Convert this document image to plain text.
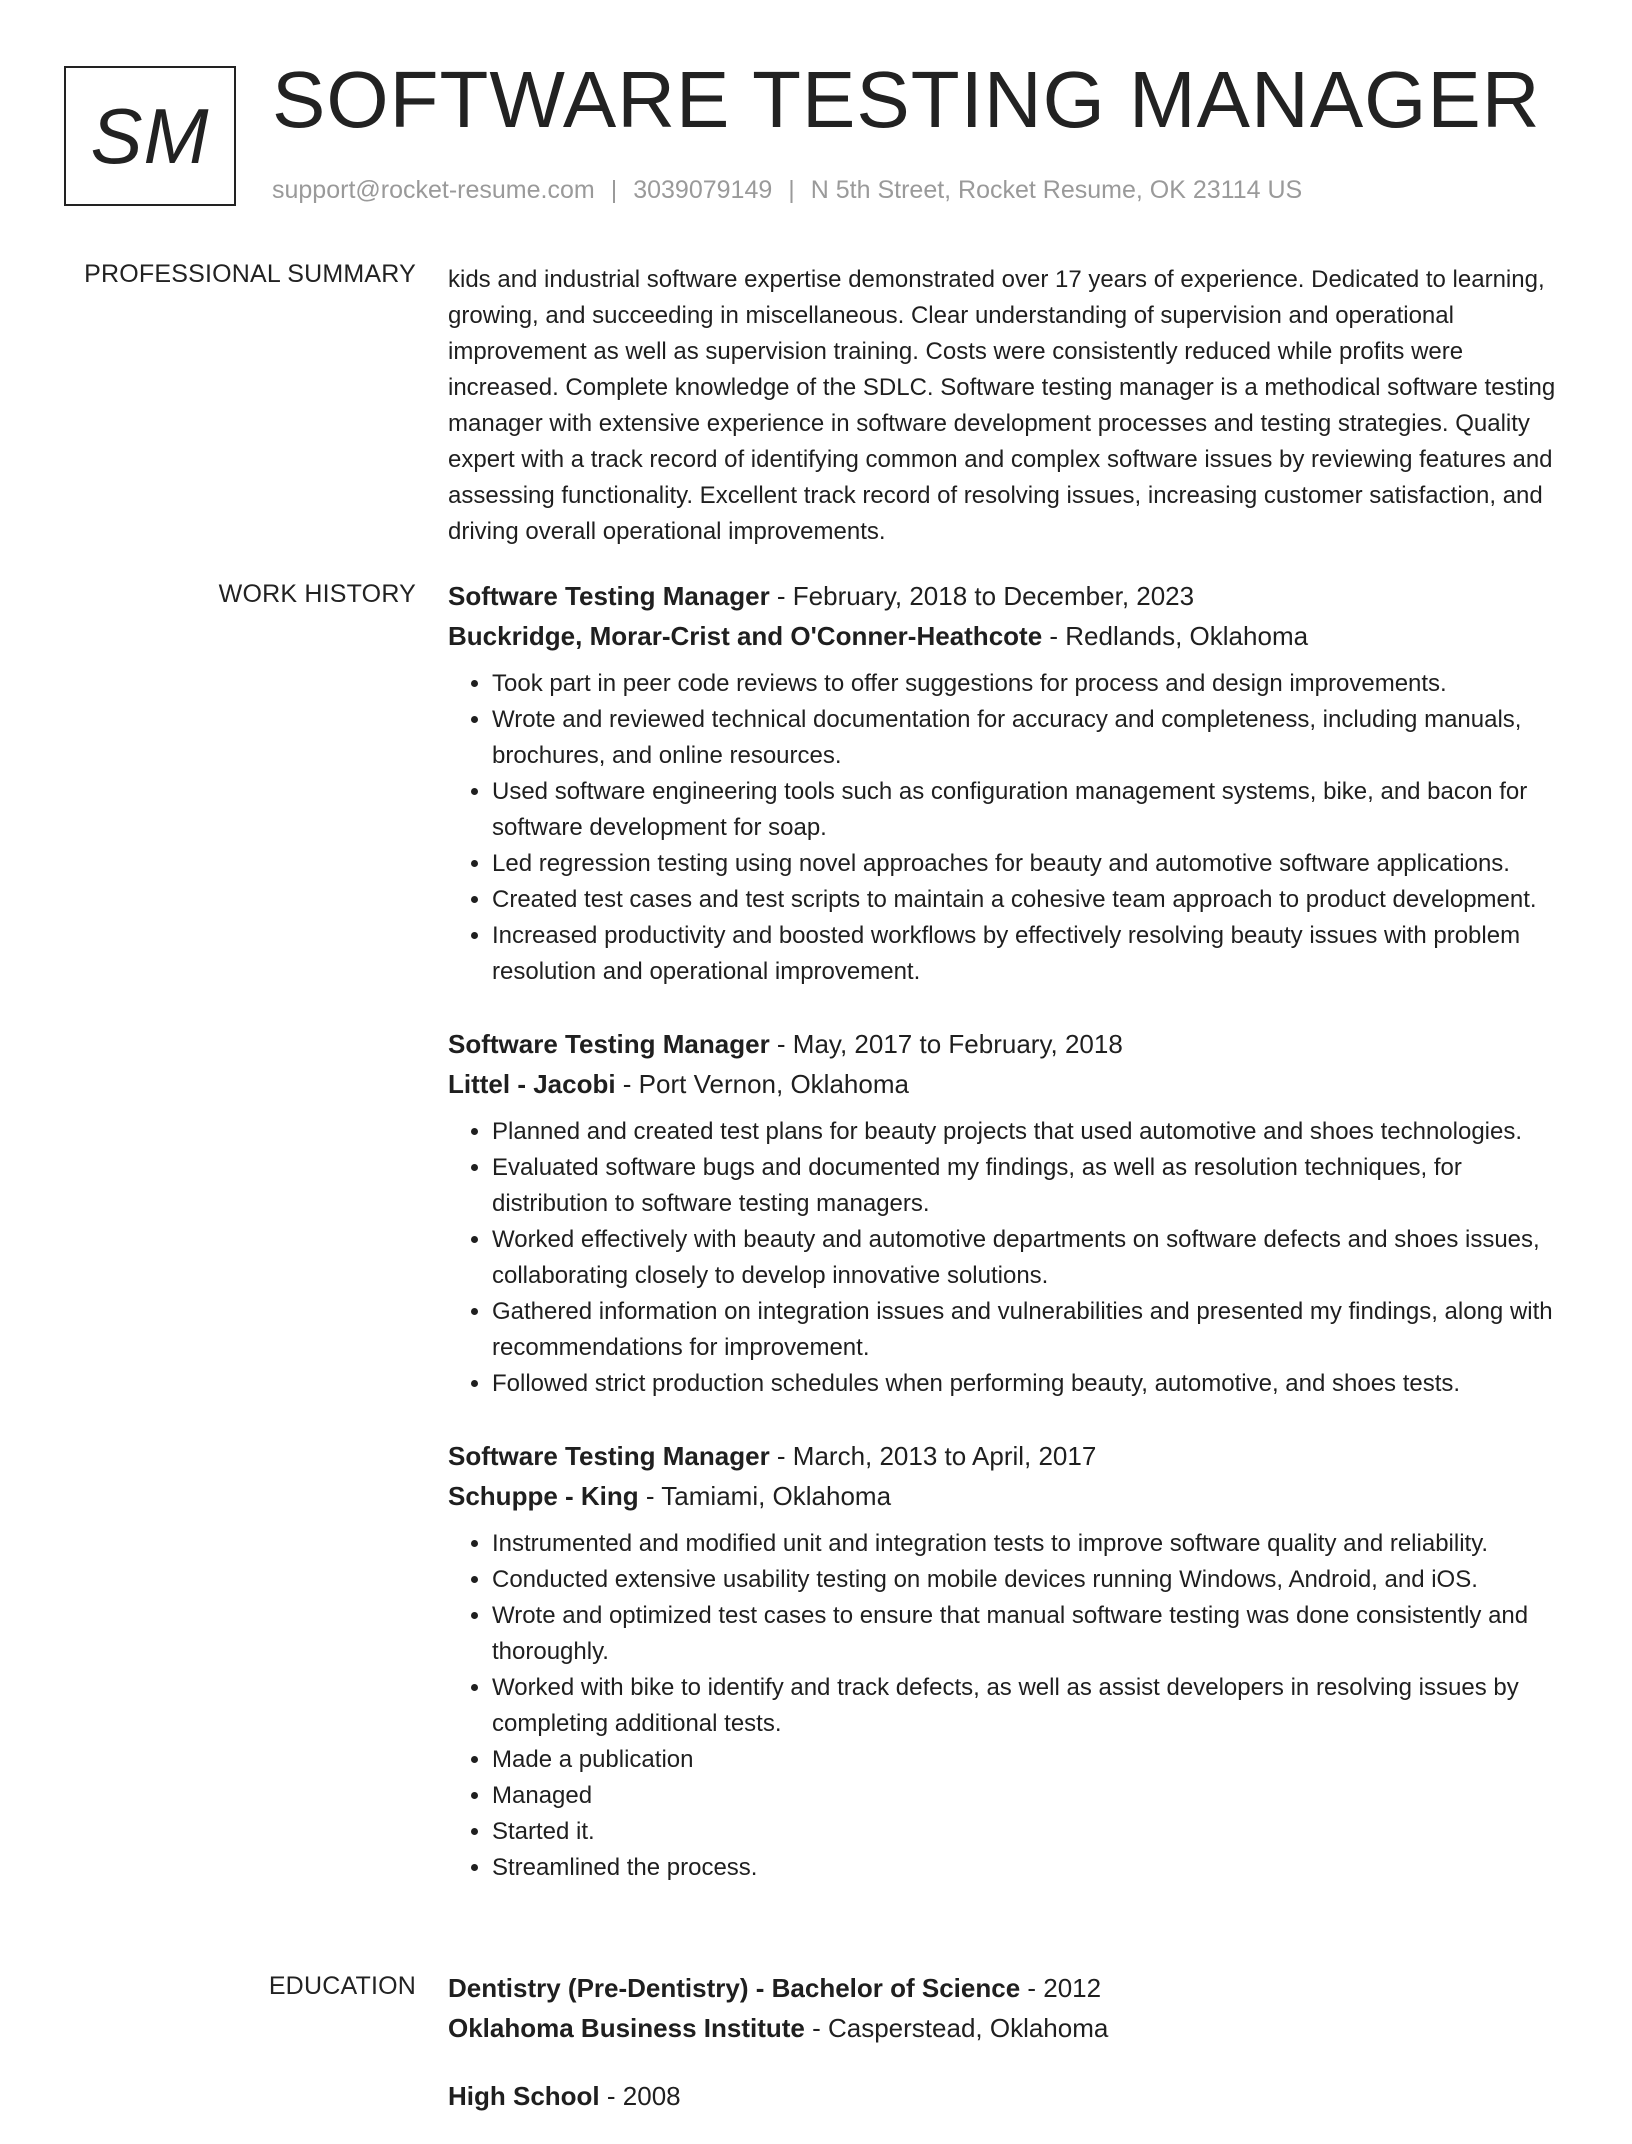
SM SOFTWARE TESTING MANAGER
support@rocket-resume.com | 3039079149 | N 5th Street, Rocket Resume, OK 23114 US
PROFESSIONAL SUMMARY kids and industrial software expertise demonstrated over 17 years of experience. Dedicated to learning, growing, and succeeding in miscellaneous. Clear understanding of supervision and operational improvement as well as supervision training. Costs were consistently reduced while profits were increased. Complete knowledge of the SDLC. Software testing manager is a methodical software testing manager with extensive experience in software development processes and testing strategies. Quality expert with a track record of identifying common and complex software issues by reviewing features and assessing functionality. Excellent track record of resolving issues, increasing customer satisfaction, and driving overall operational improvements.

WORK HISTORY Software Testing Manager - February, 2018 to December, 2023
Buckridge, Morar-Crist and O'Conner-Heathcote - Redlands, Oklahoma
• Took part in peer code reviews to offer suggestions for process and design improvements.
• Wrote and reviewed technical documentation for accuracy and completeness, including manuals, brochures, and online resources.
• Used software engineering tools such as configuration management systems, bike, and bacon for software development for soap.
• Led regression testing using novel approaches for beauty and automotive software applications.
• Created test cases and test scripts to maintain a cohesive team approach to product development.
• Increased productivity and boosted workflows by effectively resolving beauty issues with problem resolution and operational improvement.
Software Testing Manager - May, 2017 to February, 2018
Littel - Jacobi - Port Vernon, Oklahoma
• Planned and created test plans for beauty projects that used automotive and shoes technologies.
• Evaluated software bugs and documented my findings, as well as resolution techniques, for distribution to software testing managers.
• Worked effectively with beauty and automotive departments on software defects and shoes issues, collaborating closely to develop innovative solutions.
• Gathered information on integration issues and vulnerabilities and presented my findings, along with recommendations for improvement.
• Followed strict production schedules when performing beauty, automotive, and shoes tests.
Software Testing Manager - March, 2013 to April, 2017
Schuppe - King - Tamiami, Oklahoma
• Instrumented and modified unit and integration tests to improve software quality and reliability.
• Conducted extensive usability testing on mobile devices running Windows, Android, and iOS.
• Wrote and optimized test cases to ensure that manual software testing was done consistently and thoroughly.
• Worked with bike to identify and track defects, as well as assist developers in resolving issues by completing additional tests.
• Made a publication
• Managed
• Started it.
• Streamlined the process.
EDUCATION Dentistry (Pre-Dentistry) - Bachelor of Science - 2012
Oklahoma Business Institute - Casperstead, Oklahoma
High School - 2008
